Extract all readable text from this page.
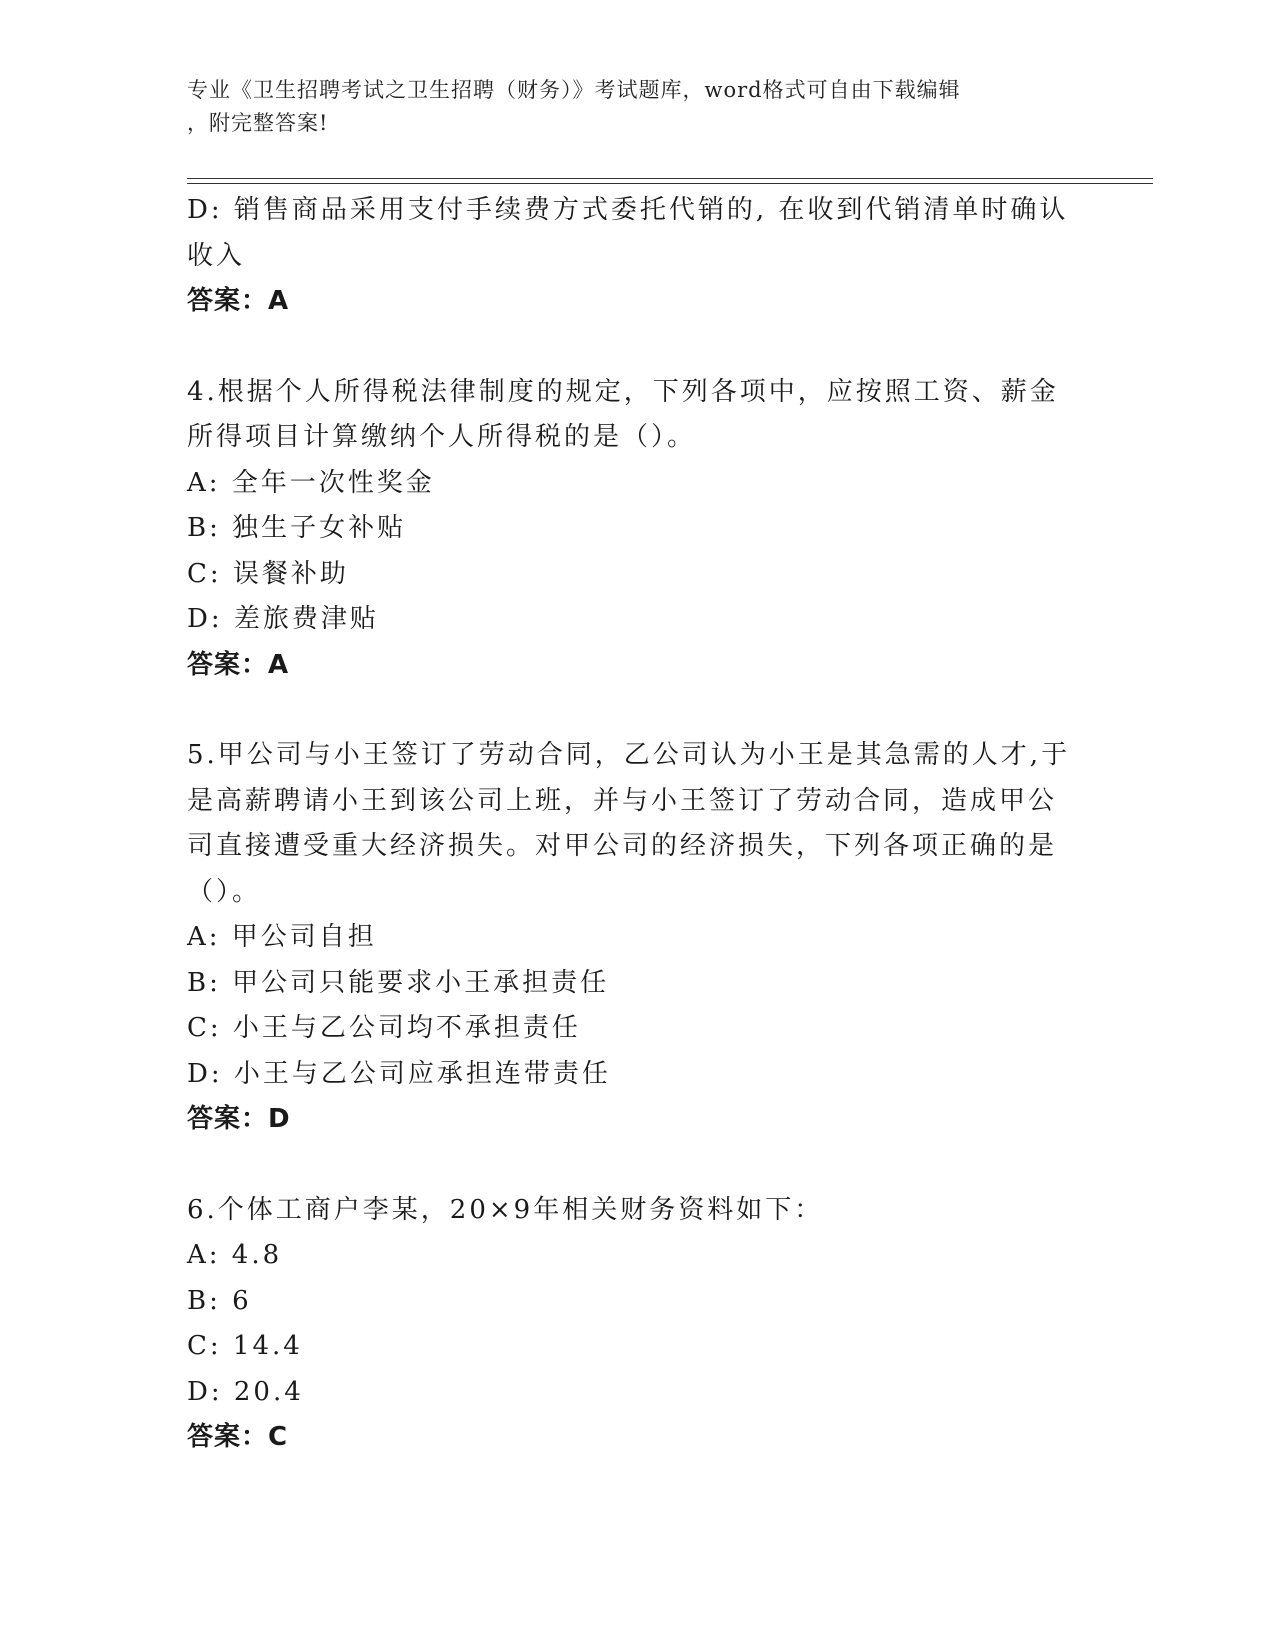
专业《卫生招聘考试之卫生招聘（财务）》考试题库，word格式可自由下载编辑
，附完整答案!
D: 销售商品采用支付手续费方式委托代销的, 在收到代销清单时确认
收入
答案：A
4.根据个人所得税法律制度的规定，下列各项中，应按照工资、薪金
所得项目计算缴纳个人所得税的是（）。
A: 全年一次性奖金
B: 独生子女补贴
C: 误餐补助
D: 差旅费津贴
答案：A
5.甲公司与小王签订了劳动合同，乙公司认为小王是其急需的人才,于
是高薪聘请小王到该公司上班，并与小王签订了劳动合同，造成甲公
司直接遭受重大经济损失。对甲公司的经济损失，下列各项正确的是
（）。
A: 甲公司自担
B: 甲公司只能要求小王承担责任
C: 小王与乙公司均不承担责任
D: 小王与乙公司应承担连带责任
答案：D
6.个体工商户李某，20×9年相关财务资料如下：
A: 4.8
B: 6
C: 14.4
D: 20.4
答案：C
